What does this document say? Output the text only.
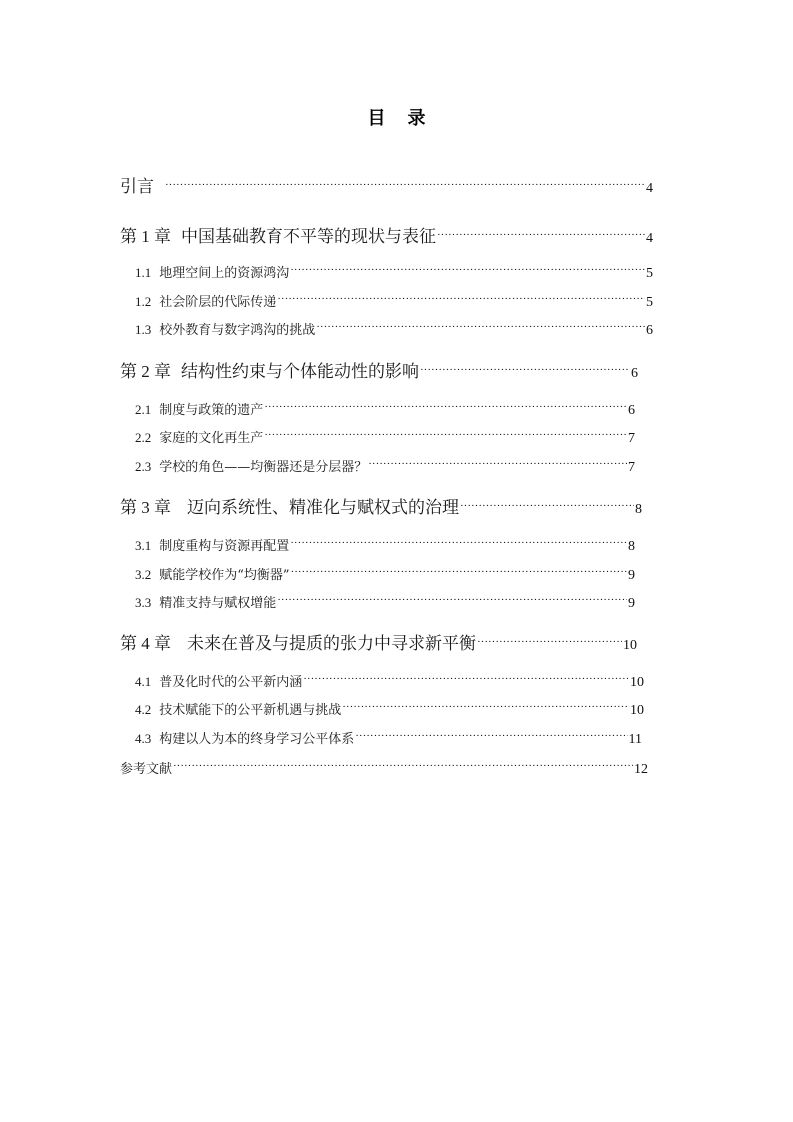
目录
引言 ·····	4
第 1 章 中国基础教育不平等的现状与表征 ·····	4
1.1 地理空间上的资源鸿沟 ·····	5
1.2 社会阶层的代际传递 ·····	5
1.3 校外教育与数字鸿沟的挑战 ·····	6
第 2 章 结构性约束与个体能动性的影响 ·····	6
2.1 制度与政策的遗产 ·····	6
2.2 家庭的文化再生产 ·····	7
2.3 学校的角色——均衡器还是分层器？ ·····	7
第 3 章 迈向系统性、精准化与赋权式的治理 ·····	8
3.1 制度重构与资源再配置 ·····	8
3.2 赋能学校作为“均衡器” ·····	9
3.3 精准支持与赋权增能 ·····	9
第 4 章 未来在普及与提质的张力中寻求新平衡 ·····	10
4.1 普及化时代的公平新内涵 ·····	10
4.2 技术赋能下的公平新机遇与挑战 ·····	10
4.3 构建以人为本的终身学习公平体系 ·····	11
参考文献 ·····	12
